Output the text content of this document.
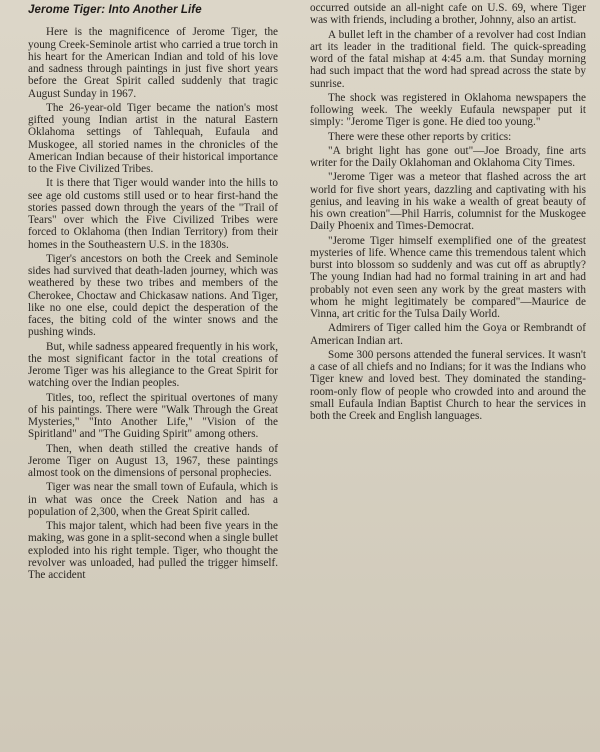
Jerome Tiger: Into Another Life

Here is the magnificence of Jerome Tiger, the young Creek-Seminole artist who carried a true torch in his heart for the American Indian and told of his love and sadness through paintings in just five short years before the Great Spirit called suddenly that tragic August Sunday in 1967.

The 26-year-old Tiger became the nation's most gifted young Indian artist in the natural Eastern Oklahoma settings of Tahlequah, Eufaula and Muskogee, all storied names in the chronicles of the American Indian because of their historical importance to the Five Civilized Tribes.

It is there that Tiger would wander into the hills to see age old customs still used or to hear first-hand the stories passed down through the years of the "Trail of Tears" over which the Five Civilized Tribes were forced to Oklahoma (then Indian Territory) from their homes in the Southeastern U.S. in the 1830s.

Tiger's ancestors on both the Creek and Seminole sides had survived that death-laden journey, which was weathered by these two tribes and members of the Cherokee, Choctaw and Chickasaw nations. And Tiger, like no one else, could depict the desperation of the faces, the biting cold of the winter snows and the pushing winds.

But, while sadness appeared frequently in his work, the most significant factor in the total creations of Jerome Tiger was his allegiance to the Great Spirit for watching over the Indian peoples.

Titles, too, reflect the spiritual overtones of many of his paintings. There were "Walk Through the Great Mysteries," "Into Another Life," "Vision of the Spiritland" and "The Guiding Spirit" among others.

Then, when death stilled the creative hands of Jerome Tiger on August 13, 1967, these paintings almost took on the dimensions of personal prophecies.

Tiger was near the small town of Eufaula, which is in what was once the Creek Nation and has a population of 2,300, when the Great Spirit called.

This major talent, which had been five years in the making, was gone in a split-second when a single bullet exploded into his right temple. Tiger, who thought the revolver was unloaded, had pulled the trigger himself. The accident

occurred outside an all-night cafe on U.S. 69, where Tiger was with friends, including a brother, Johnny, also an artist.

A bullet left in the chamber of a revolver had cost Indian art its leader in the traditional field. The quick-spreading word of the fatal mishap at 4:45 a.m. that Sunday morning had such impact that the word had spread across the state by sunrise.

The shock was registered in Oklahoma newspapers the following week. The weekly Eufaula newspaper put it simply: "Jerome Tiger is gone. He died too young."

There were these other reports by critics:

"A bright light has gone out"—Joe Broady, fine arts writer for the Daily Oklahoman and Oklahoma City Times.

"Jerome Tiger was a meteor that flashed across the art world for five short years, dazzling and captivating with his genius, and leaving in his wake a wealth of great beauty of his own creation"—Phil Harris, columnist for the Muskogee Daily Phoenix and Times-Democrat.

"Jerome Tiger himself exemplified one of the greatest mysteries of life. Whence came this tremendous talent which burst into blossom so suddenly and was cut off as abruptly? The young Indian had had no formal training in art and had probably not even seen any work by the great masters with whom he might legitimately be compared"—Maurice de Vinna, art critic for the Tulsa Daily World.

Admirers of Tiger called him the Goya or Rembrandt of American Indian art.

Some 300 persons attended the funeral services. It wasn't a case of all chiefs and no Indians; for it was the Indians who Tiger knew and loved best. They dominated the standing-room-only flow of people who crowded into and around the small Eufaula Indian Baptist Church to hear the services in both the Creek and English languages.
